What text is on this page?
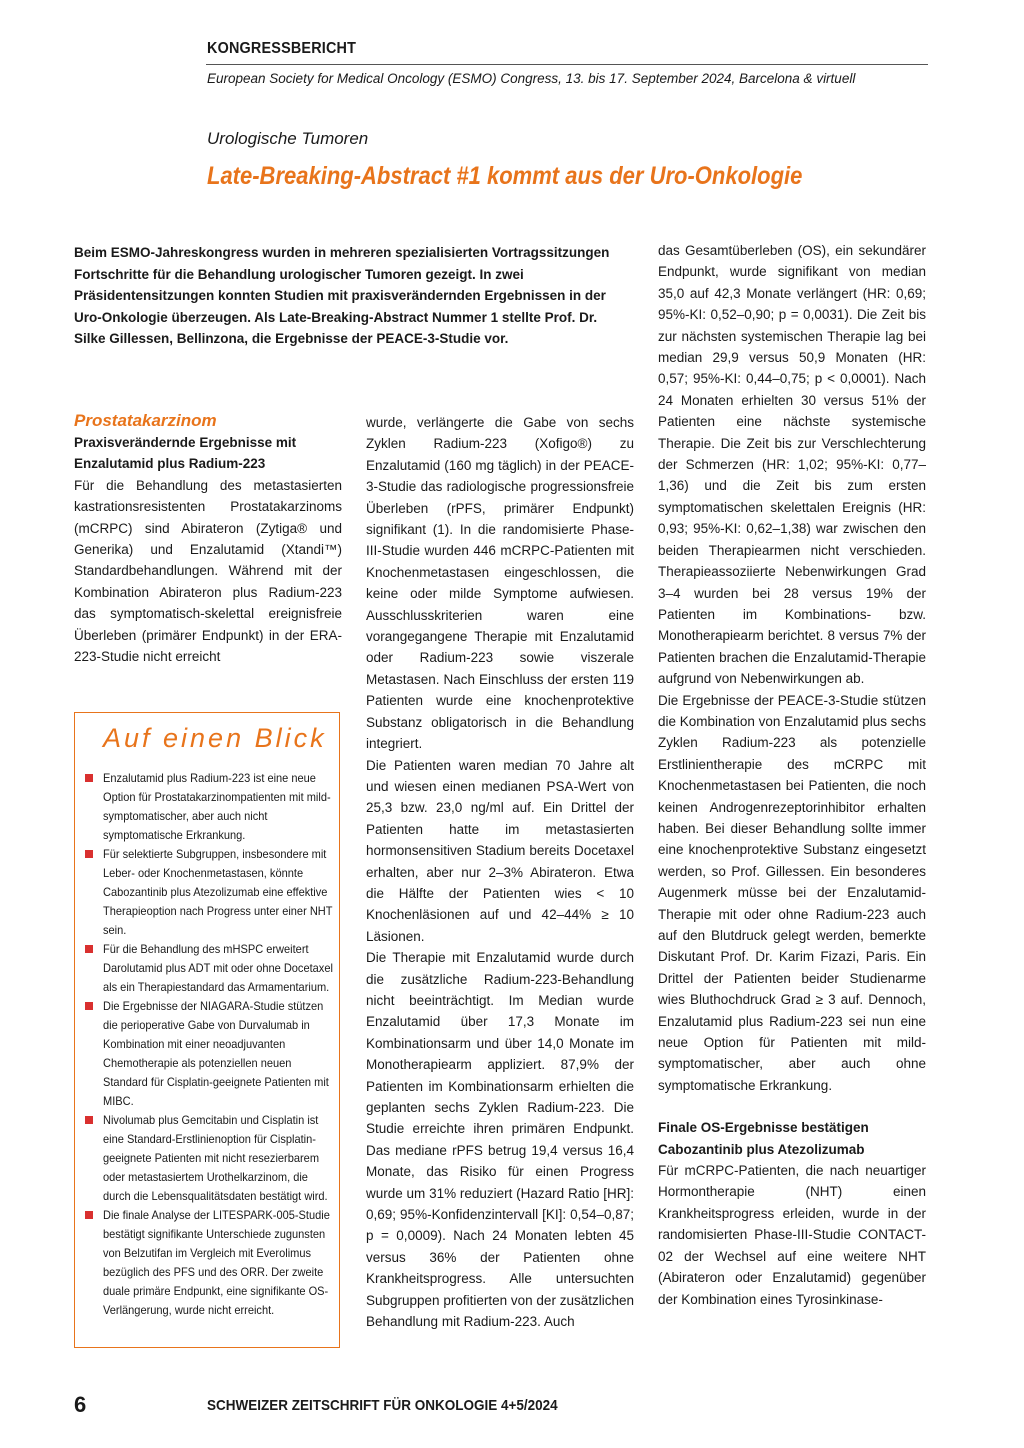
KONGRESSBERICHT
European Society for Medical Oncology (ESMO) Congress, 13. bis 17. September 2024, Barcelona & virtuell
Urologische Tumoren
Late-Breaking-Abstract #1 kommt aus der Uro-Onkologie
Beim ESMO-Jahreskongress wurden in mehreren spezialisierten Vortragssitzungen Fortschritte für die Behandlung urologischer Tumoren gezeigt. In zwei Präsidentensitzungen konnten Studien mit praxisverändernden Ergebnissen in der Uro-Onkologie überzeugen. Als Late-Breaking-Abstract Nummer 1 stellte Prof. Dr. Silke Gillessen, Bellinzona, die Ergebnisse der PEACE-3-Studie vor.
Prostatakarzinom
Praxisverändernde Ergebnisse mit Enzalutamid plus Radium-223

Für die Behandlung des metastasierten kastrationsresistenten Prostatakarzinoms (mCRPC) sind Abirateron (Zytiga® und Generika) und Enzalutamid (Xtandi™) Standardbehandlungen. Während mit der Kombination Abirateron plus Radium-223 das symptomatisch-skelettal ereignisfreie Überleben (primärer Endpunkt) in der ERA-223-Studie nicht erreicht

Auf einen Blick
Enzalutamid plus Radium-223 ist eine neue Option für Prostatakarzinompatienten mit mild-symptomatischer, aber auch nicht symptomatische Erkrankung.
Für selektierte Subgruppen, insbesondere mit Leber- oder Knochenmetastasen, könnte Cabozantinib plus Atezolizumab eine effektive Therapieoption nach Progress unter einer NHT sein.
Für die Behandlung des mHSPC erweitert Darolutamid plus ADT mit oder ohne Docetaxel als ein Therapiestandard das Armamentarium.
Die Ergebnisse der NIAGARA-Studie stützen die perioperative Gabe von Durvalumab in Kombination mit einer neoadjuvanten Chemotherapie als potenziellen neuen Standard für Cisplatin-geeignete Patienten mit MIBC.
Nivolumab plus Gemcitabin und Cisplatin ist eine Standard-Erstlinienoption für Cisplatin-geeignete Patienten mit nicht resezierbarem oder metastasiertem Urothelkarzinom, die durch die Lebensqualitätsdaten bestätigt wird.
Die finale Analyse der LITESPARK-005-Studie bestätigt signifikante Unterschiede zugunsten von Belzutifan im Vergleich mit Everolimus bezüglich des PFS und des ORR. Der zweite duale primäre Endpunkt, eine signifikante OS-Verlängerung, wurde nicht erreicht.

wurde, verlängerte die Gabe von sechs Zyklen Radium-223 (Xofigo®) zu Enzalutamid (160 mg täglich) in der PEACE-3-Studie das radiologische progressionsfreie Überleben (rPFS, primärer Endpunkt) signifikant (1). In die randomisierte Phase-III-Studie wurden 446 mCRPC-Patienten mit Knochenmetastasen eingeschlossen, die keine oder milde Symptome aufwiesen. Ausschlusskriterien waren eine vorangegangene Therapie mit Enzalutamid oder Radium-223 sowie viszerale Metastasen. Nach Einschluss der ersten 119 Patienten wurde eine knochenprotektive Substanz obligatorisch in die Behandlung integriert.

Die Patienten waren median 70 Jahre alt und wiesen einen medianen PSA-Wert von 25,3 bzw. 23,0 ng/ml auf. Ein Drittel der Patienten hatte im metastasierten hormonsensitiven Stadium bereits Docetaxel erhalten, aber nur 2–3% Abirateron. Etwa die Hälfte der Patienten wies < 10 Knochenläsionen auf und 42–44% ≥ 10 Läsionen.

Die Therapie mit Enzalutamid wurde durch die zusätzliche Radium-223-Behandlung nicht beeinträchtigt. Im Median wurde Enzalutamid über 17,3 Monate im Kombinationsarm und über 14,0 Monate im Monotherapiearm appliziert. 87,9% der Patienten im Kombinationsarm erhielten die geplanten sechs Zyklen Radium-223. Die Studie erreichte ihren primären Endpunkt. Das mediane rPFS betrug 19,4 versus 16,4 Monate, das Risiko für einen Progress wurde um 31% reduziert (Hazard Ratio [HR]: 0,69; 95%-Konfidenzintervall [KI]: 0,54–0,87; p = 0,0009). Nach 24 Monaten lebten 45 versus 36% der Patienten ohne Krankheitsprogress. Alle untersuchten Subgruppen profitierten von der zusätzlichen Behandlung mit Radium-223. Auch

das Gesamtüberleben (OS), ein sekundärer Endpunkt, wurde signifikant von median 35,0 auf 42,3 Monate verlängert (HR: 0,69; 95%-KI: 0,52–0,90; p = 0,0031). Die Zeit bis zur nächsten systemischen Therapie lag bei median 29,9 versus 50,9 Monaten (HR: 0,57; 95%-KI: 0,44–0,75; p < 0,0001). Nach 24 Monaten erhielten 30 versus 51% der Patienten eine nächste systemische Therapie. Die Zeit bis zur Verschlechterung der Schmerzen (HR: 1,02; 95%-KI: 0,77–1,36) und die Zeit bis zum ersten symptomatischen skelettalen Ereignis (HR: 0,93; 95%-KI: 0,62–1,38) war zwischen den beiden Therapiearmen nicht verschieden. Therapieassoziierte Nebenwirkungen Grad 3–4 wurden bei 28 versus 19% der Patienten im Kombinations- bzw. Monotherapiearm berichtet. 8 versus 7% der Patienten brachen die Enzalutamid-Therapie aufgrund von Nebenwirkungen ab.

Die Ergebnisse der PEACE-3-Studie stützen die Kombination von Enzalutamid plus sechs Zyklen Radium-223 als potenzielle Erstlinientherapie des mCRPC mit Knochenmetastasen bei Patienten, die noch keinen Androgenrezeptorinhibitor erhalten haben. Bei dieser Behandlung sollte immer eine knochenprotektive Substanz eingesetzt werden, so Prof. Gillessen. Ein besonderes Augenmerk müsse bei der Enzalutamid-Therapie mit oder ohne Radium-223 auch auf den Blutdruck gelegt werden, bemerkte Diskutant Prof. Dr. Karim Fizazi, Paris. Ein Drittel der Patienten beider Studienarme wies Bluthochdruck Grad ≥ 3 auf. Dennoch, Enzalutamid plus Radium-223 sei nun eine neue Option für Patienten mit mild-symptomatischer, aber auch ohne symptomatische Erkrankung.

Finale OS-Ergebnisse bestätigen Cabozantinib plus Atezolizumab

Für mCRPC-Patienten, die nach neuartiger Hormontherapie (NHT) einen Krankheitsprogress erleiden, wurde in der randomisierten Phase-III-Studie CONTACT-02 der Wechsel auf eine weitere NHT (Abirateron oder Enzalutamid) gegenüber der Kombination eines Tyrosinkinase-

6	SCHWEIZER ZEITSCHRIFT FÜR ONKOLOGIE 4+5/2024
